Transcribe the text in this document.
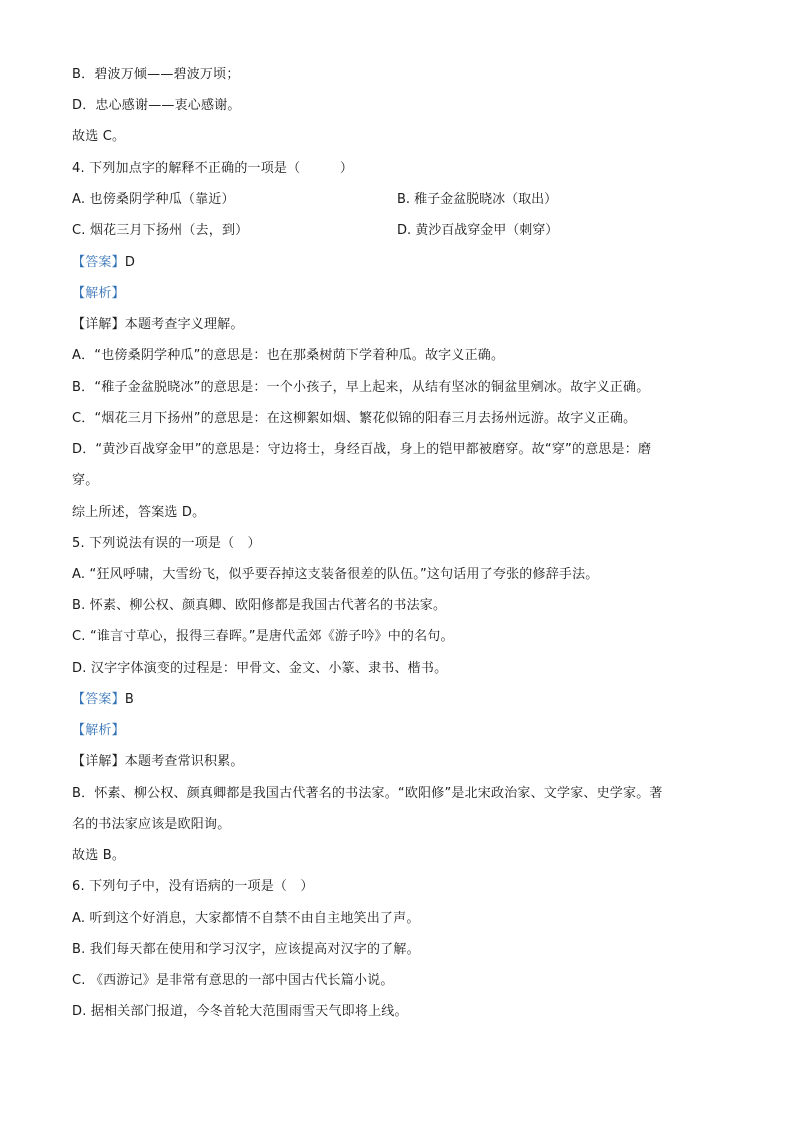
B．碧波万倾——碧波万顷；
D．忠心感谢——衷心感谢。
故选 C。
4. 下列加点字的解释不正确的一项是（　　　）
A. 也傍桑阴学种瓜（靠近）	B. 稚子金盆脱晓冰（取出）
C. 烟花三月下扬州（去，到）	D. 黄沙百战穿金甲（刺穿）
【答案】D
【解析】
【详解】本题考查字义理解。
A．“也傍桑阴学种瓜”的意思是：也在那桑树荫下学着种瓜。故字义正确。
B．“稚子金盆脱晓冰”的意思是：一个小孩子，早上起来，从结有坚冰的铜盆里剜冰。故字义正确。
C．“烟花三月下扬州”的意思是：在这柳絮如烟、繁花似锦的阳春三月去扬州远游。故字义正确。
D．“黄沙百战穿金甲”的意思是：守边将士，身经百战，身上的铠甲都被磨穿。故“穿”的意思是：磨
穿。
综上所述，答案选 D。
5. 下列说法有误的一项是（　）
A. “狂风呼啸，大雪纷飞，似乎要吞掉这支装备很差的队伍。”这句话用了夸张的修辞手法。
B. 怀素、柳公权、颜真卿、欧阳修都是我国古代著名的书法家。
C. “谁言寸草心，报得三春晖。”是唐代孟郊《游子吟》中的名句。
D. 汉字字体演变的过程是：甲骨文、金文、小篆、隶书、楷书。
【答案】B
【解析】
【详解】本题考查常识积累。
B．怀素、柳公权、颜真卿都是我国古代著名的书法家。“欧阳修”是北宋政治家、文学家、史学家。著
名的书法家应该是欧阳询。
故选 B。
6. 下列句子中，没有语病的一项是（　）
A. 听到这个好消息，大家都情不自禁不由自主地笑出了声。
B. 我们每天都在使用和学习汉字，应该提高对汉字的了解。
C. 《西游记》是非常有意思的一部中国古代长篇小说。
D. 据相关部门报道，今冬首轮大范围雨雪天气即将上线。
